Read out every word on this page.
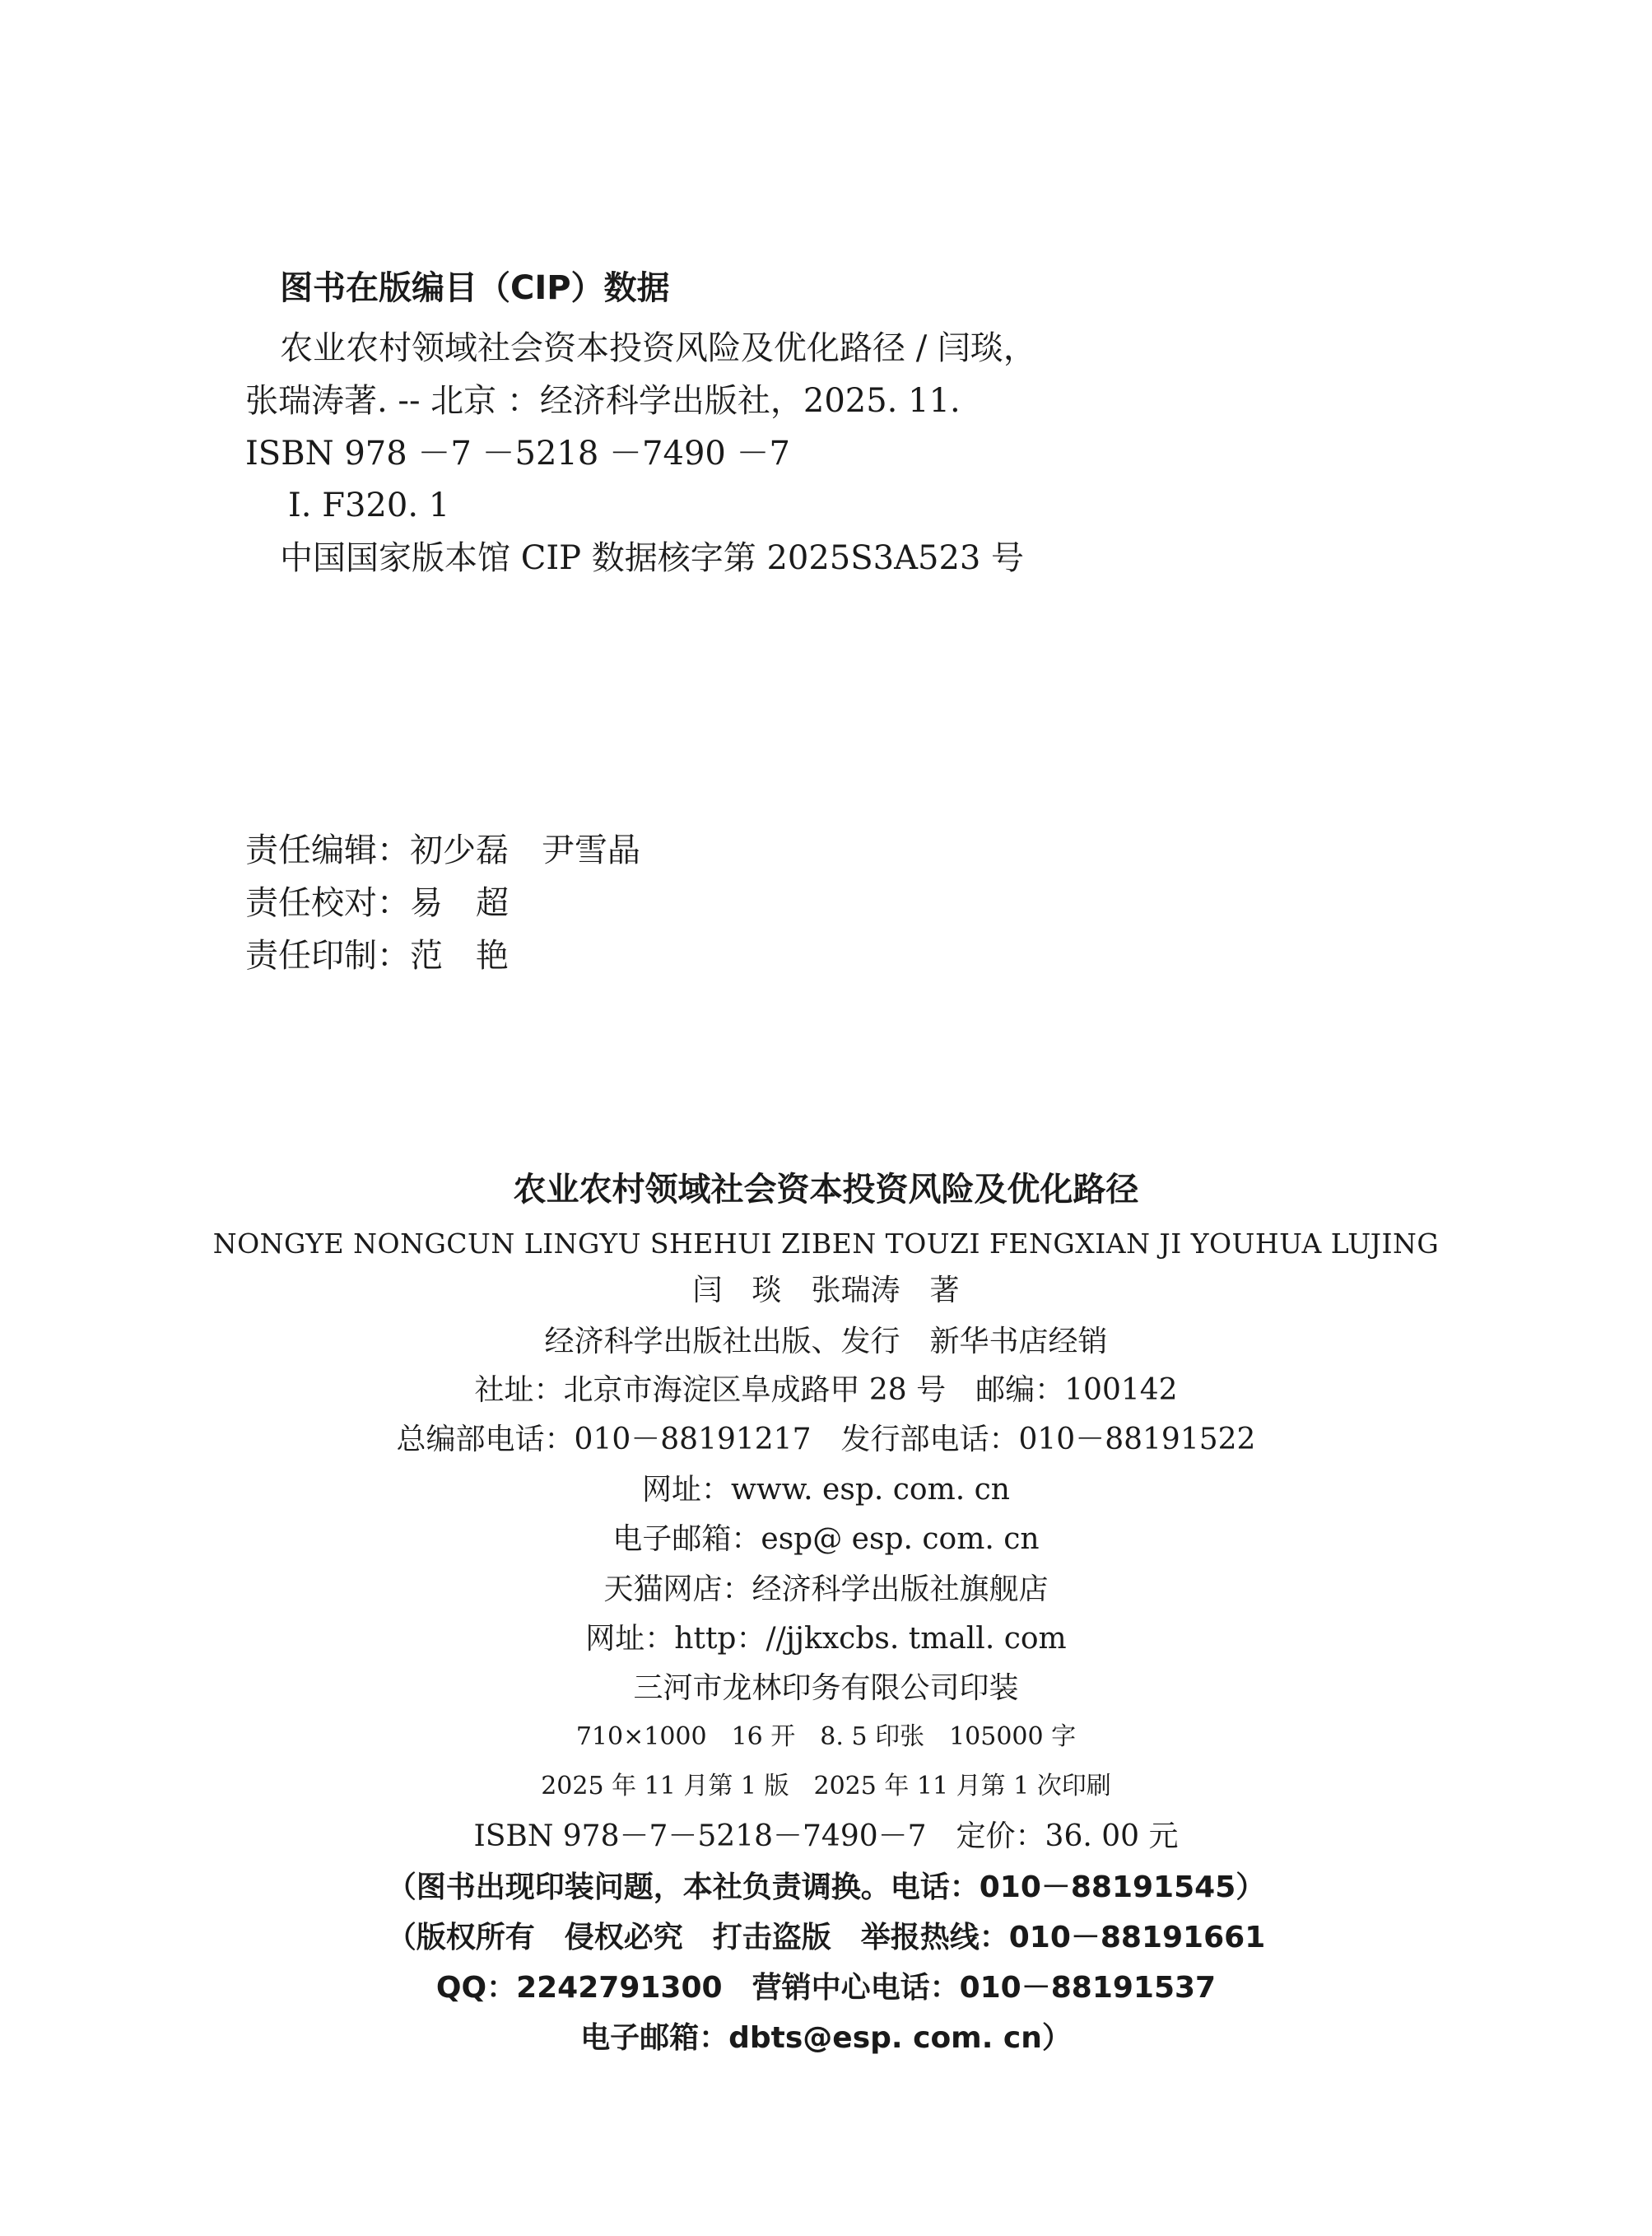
图书在版编目（CIP）数据
农业农村领域社会资本投资风险及优化路径 / 闫琰，
张瑞涛著. -- 北京 ：经济科学出版社，2025. 11.
ISBN 978 －7 －5218 －7490 －7
Ⅰ. F320. 1
中国国家版本馆 CIP 数据核字第 2025S3A523 号
责任编辑：初少磊　尹雪晶
责任校对：易　超
责任印制：范　艳
农业农村领域社会资本投资风险及优化路径
NONGYE NONGCUN LINGYU SHEHUI ZIBEN TOUZI FENGXIAN JI YOUHUA LUJING
闫　琰　张瑞涛　著
经济科学出版社出版、发行　新华书店经销
社址：北京市海淀区阜成路甲 28 号　邮编：100142
总编部电话：010－88191217　发行部电话：010－88191522
网址：www. esp. com. cn
电子邮箱：esp@ esp. com. cn
天猫网店：经济科学出版社旗舰店
网址：http：//jjkxcbs. tmall. com
三河市龙林印务有限公司印装
710×1000　16 开　8. 5 印张　105000 字
2025 年 11 月第 1 版　2025 年 11 月第 1 次印刷
ISBN 978－7－5218－7490－7　定价：36. 00 元
（图书出现印装问题，本社负责调换。电话：010－88191545）
（版权所有　侵权必究　打击盗版　举报热线：010－88191661
QQ：2242791300　营销中心电话：010－88191537
电子邮箱：dbts@esp. com. cn）
